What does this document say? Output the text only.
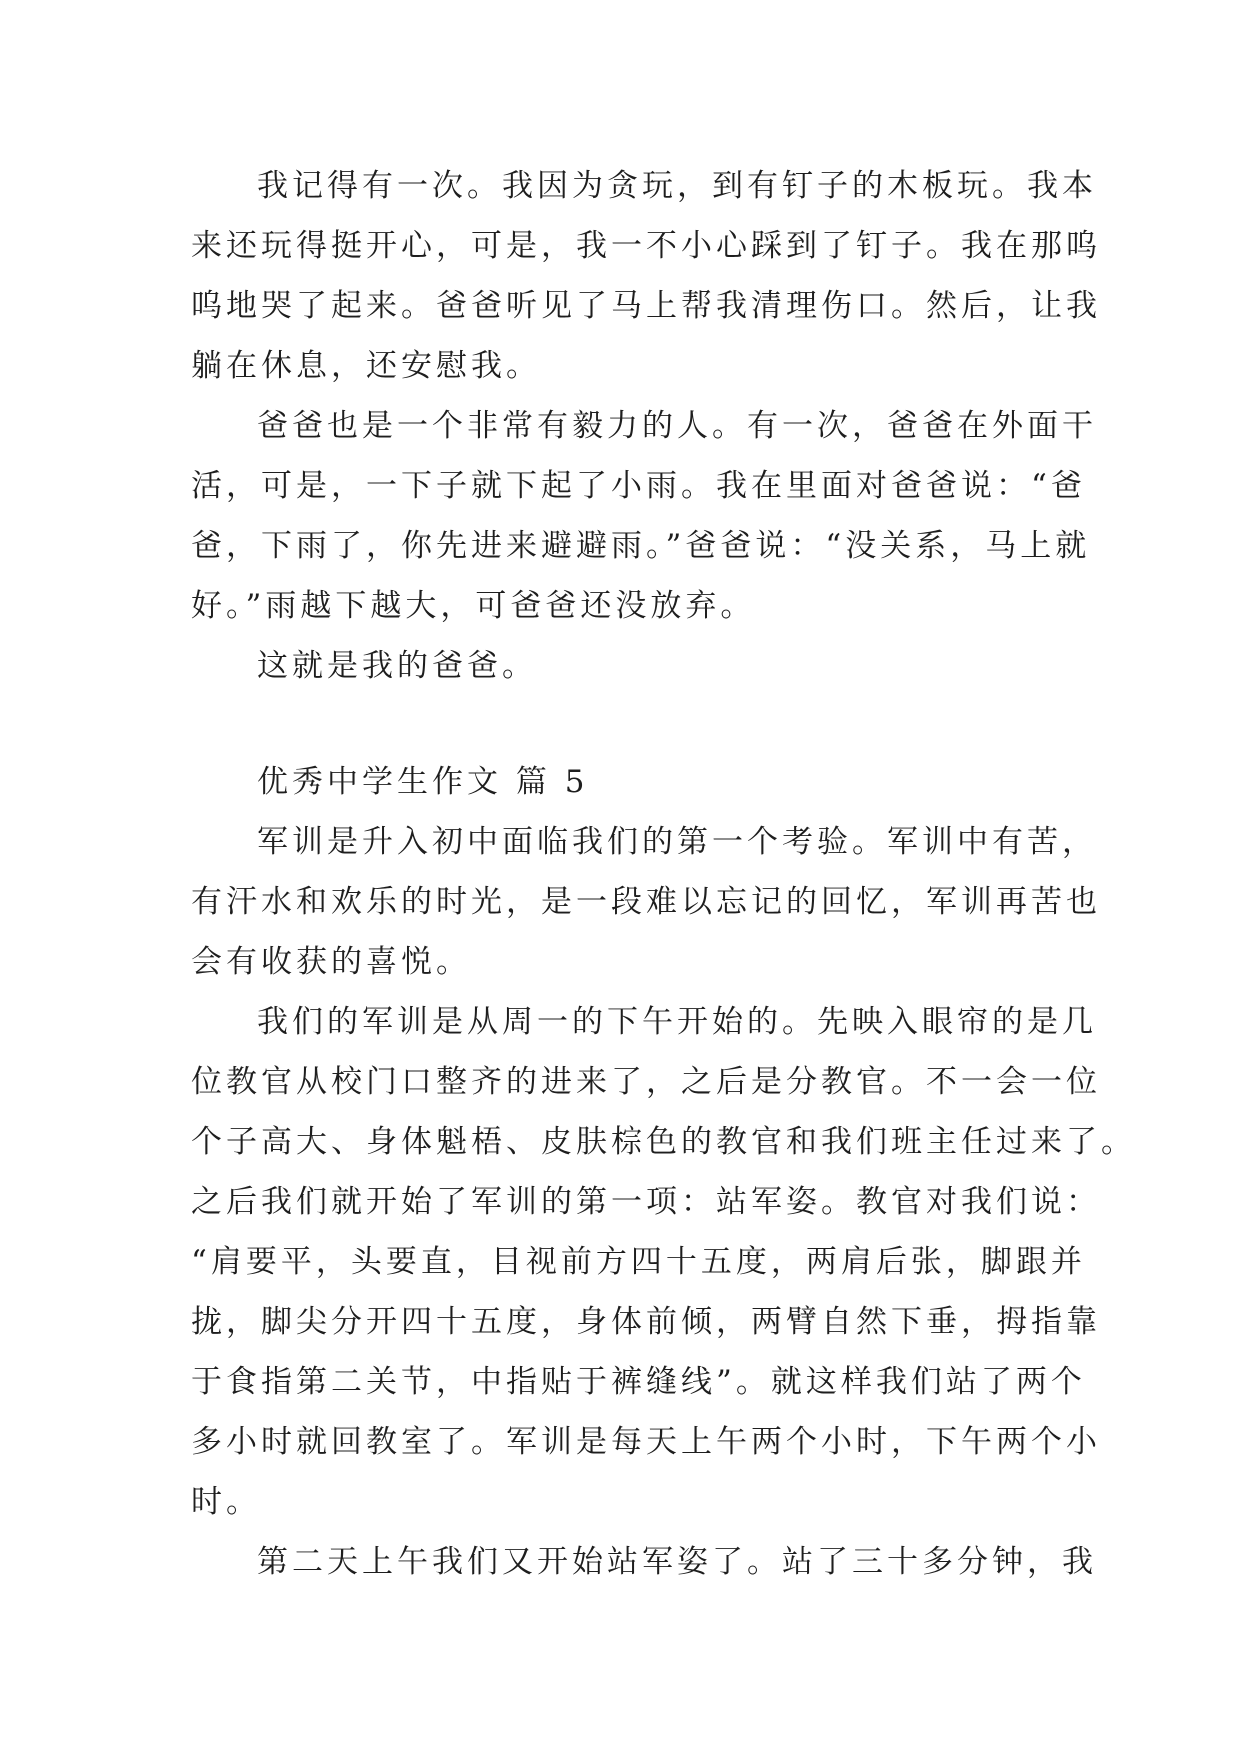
我记得有一次。我因为贪玩，到有钉子的木板玩。我本
来还玩得挺开心，可是，我一不小心踩到了钉子。我在那呜
呜地哭了起来。爸爸听见了马上帮我清理伤口。然后，让我
躺在休息，还安慰我。
爸爸也是一个非常有毅力的人。有一次，爸爸在外面干
活，可是，一下子就下起了小雨。我在里面对爸爸说：“爸
爸，下雨了，你先进来避避雨。”爸爸说：“没关系，马上就
好。”雨越下越大，可爸爸还没放弃。
这就是我的爸爸。
优秀中学生作文 篇 5
军训是升入初中面临我们的第一个考验。军训中有苦，
有汗水和欢乐的时光，是一段难以忘记的回忆，军训再苦也
会有收获的喜悦。
我们的军训是从周一的下午开始的。先映入眼帘的是几
位教官从校门口整齐的进来了，之后是分教官。不一会一位
个子高大、身体魁梧、皮肤棕色的教官和我们班主任过来了。
之后我们就开始了军训的第一项：站军姿。教官对我们说：
“肩要平，头要直，目视前方四十五度，两肩后张，脚跟并
拢，脚尖分开四十五度，身体前倾，两臂自然下垂，拇指靠
于食指第二关节，中指贴于裤缝线”。就这样我们站了两个
多小时就回教室了。军训是每天上午两个小时，下午两个小
时。
第二天上午我们又开始站军姿了。站了三十多分钟，我
